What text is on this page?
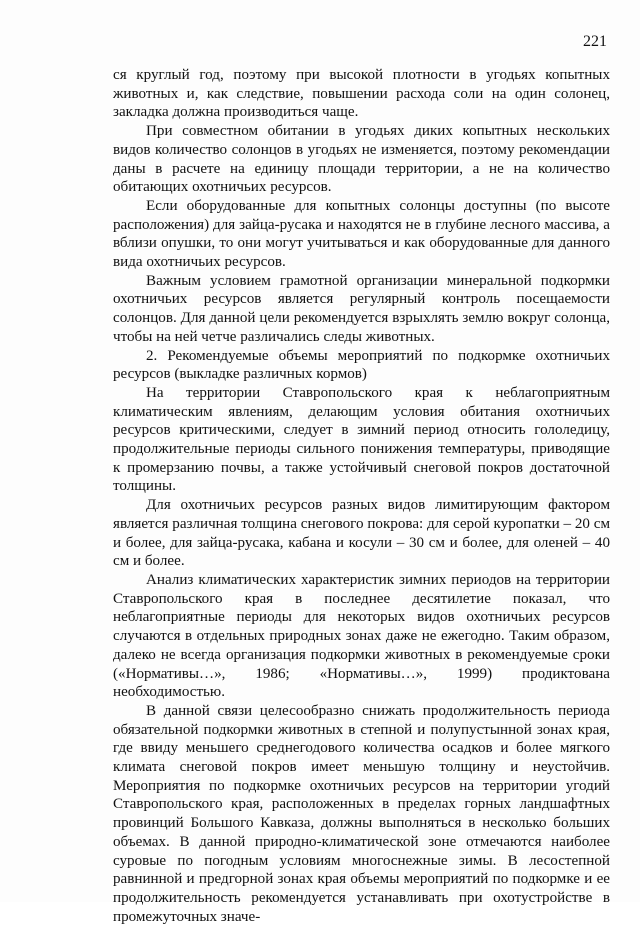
221

ся круглый год, поэтому при высокой плотности в угодьях копытных животных и, как следствие, повышении расхода соли на один солонец, закладка должна производиться чаще.

При совместном обитании в угодьях диких копытных нескольких видов количество солонцов в угодьях не изменяется, поэтому рекомендации даны в расчете на единицу площади территории, а не на количество обитающих охотничьих ресурсов.

Если оборудованные для копытных солонцы доступны (по высоте расположения) для зайца-русака и находятся не в глубине лесного массива, а вблизи опушки, то они могут учитываться и как оборудованные для данного вида охотничьих ресурсов.

Важным условием грамотной организации минеральной подкормки охотничьих ресурсов является регулярный контроль посещаемости солонцов. Для данной цели рекомендуется взрыхлять землю вокруг солонца, чтобы на ней четче различались следы животных.

2. Рекомендуемые объемы мероприятий по подкормке охотничьих ресурсов (выкладке различных кормов)

На территории Ставропольского края к неблагоприятным климатическим явлениям, делающим условия обитания охотничьих ресурсов критическими, следует в зимний период относить гололедицу, продолжительные периоды сильного понижения температуры, приводящие к промерзанию почвы, а также устойчивый снеговой покров достаточной толщины.

Для охотничьих ресурсов разных видов лимитирующим фактором является различная толщина снегового покрова: для серой куропатки – 20 см и более, для зайца-русака, кабана и косули – 30 см и более, для оленей – 40 см и более.

Анализ климатических характеристик зимних периодов на территории Ставропольского края в последнее десятилетие показал, что неблагоприятные периоды для некоторых видов охотничьих ресурсов случаются в отдельных природных зонах даже не ежегодно. Таким образом, далеко не всегда организация подкормки животных в рекомендуемые сроки («Нормативы…», 1986; «Нормативы…», 1999) продиктована необходимостью.

В данной связи целесообразно снижать продолжительность периода обязательной подкормки животных в степной и полупустынной зонах края, где ввиду меньшего среднегодового количества осадков и более мягкого климата снеговой покров имеет меньшую толщину и неустойчив. Мероприятия по подкормке охотничьих ресурсов на территории угодий Ставропольского края, расположенных в пределах горных ландшафтных провинций Большого Кавказа, должны выполняться в несколько больших объемах. В данной природно-климатической зоне отмечаются наиболее суровые по погодным условиям многоснежные зимы. В лесостепной равнинной и предгорной зонах края объемы мероприятий по подкормке и ее продолжительность рекомендуется устанавливать при охотустройстве в промежуточных значе-
